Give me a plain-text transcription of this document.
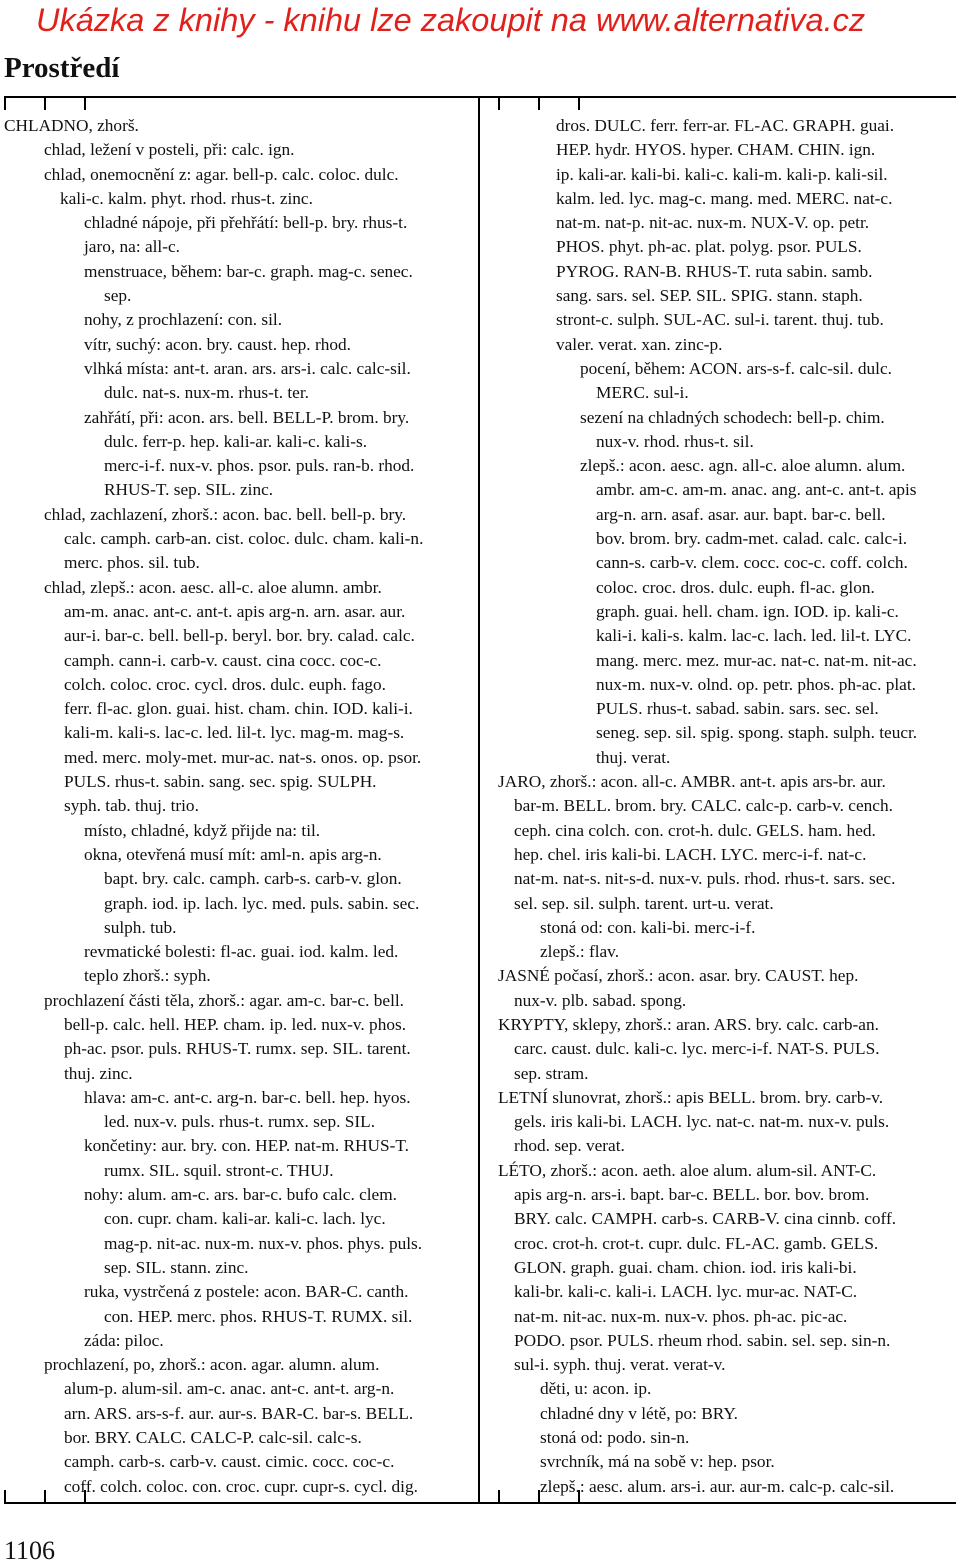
Ukázka z knihy - knihu lze zakoupit na www.alternativa.cz
Prostředí

CHLADNO, zhorš.

chlad, ležení v posteli, při: calc. ign.

chlad, onemocnění z: agar. bell-p. calc. coloc. dulc.

kali-c. kalm. phyt. rhod. rhus-t. zinc.

chladné nápoje, při přehřátí: bell-p. bry. rhus-t.

jaro, na: all-c.

menstruace, během: bar-c. graph. mag-c. senec.

sep.

nohy, z prochlazení: con. sil.

vítr, suchý: acon. bry. caust. hep. rhod.

vlhká místa: ant-t. aran. ars. ars-i. calc. calc-sil.

dulc. nat-s. nux-m. rhus-t. ter.

zahřátí, při: acon. ars. bell. BELL-P. brom. bry.

dulc. ferr-p. hep. kali-ar. kali-c. kali-s.

merc-i-f. nux-v. phos. psor. puls. ran-b. rhod.

RHUS-T. sep. SIL. zinc.

chlad, zachlazení, zhorš.: acon. bac. bell. bell-p. bry.

calc. camph. carb-an. cist. coloc. dulc. cham. kali-n.

merc. phos. sil. tub.

chlad, zlepš.: acon. aesc. all-c. aloe alumn. ambr.

am-m. anac. ant-c. ant-t. apis arg-n. arn. asar. aur.

aur-i. bar-c. bell. bell-p. beryl. bor. bry. calad. calc.

camph. cann-i. carb-v. caust. cina cocc. coc-c.

colch. coloc. croc. cycl. dros. dulc. euph. fago.

ferr. fl-ac. glon. guai. hist. cham. chin. IOD. kali-i.

kali-m. kali-s. lac-c. led. lil-t. lyc. mag-m. mag-s.

med. merc. moly-met. mur-ac. nat-s. onos. op. psor.

PULS. rhus-t. sabin. sang. sec. spig. SULPH.

syph. tab. thuj. trio.

místo, chladné, když přijde na: til.

okna, otevřená musí mít: aml-n. apis arg-n.

bapt. bry. calc. camph. carb-s. carb-v. glon.

graph. iod. ip. lach. lyc. med. puls. sabin. sec.

sulph. tub.

revmatické bolesti: fl-ac. guai. iod. kalm. led.

teplo zhorš.: syph.

prochlazení části těla, zhorš.: agar. am-c. bar-c. bell.

bell-p. calc. hell. HEP. cham. ip. led. nux-v. phos.

ph-ac. psor. puls. RHUS-T. rumx. sep. SIL. tarent.

thuj. zinc.

hlava: am-c. ant-c. arg-n. bar-c. bell. hep. hyos.

led. nux-v. puls. rhus-t. rumx. sep. SIL.

končetiny: aur. bry. con. HEP. nat-m. RHUS-T.

rumx. SIL. squil. stront-c. THUJ.

nohy: alum. am-c. ars. bar-c. bufo calc. clem.

con. cupr. cham. kali-ar. kali-c. lach. lyc.

mag-p. nit-ac. nux-m. nux-v. phos. phys. puls.

sep. SIL. stann. zinc.

ruka, vystrčená z postele: acon. BAR-C. canth.

con. HEP. merc. phos. RHUS-T. RUMX. sil.

záda: piloc.

prochlazení, po, zhorš.: acon. agar. alumn. alum.

alum-p. alum-sil. am-c. anac. ant-c. ant-t. arg-n.

arn. ARS. ars-s-f. aur. aur-s. BAR-C. bar-s. BELL.

bor. BRY. CALC. CALC-P. calc-sil. calc-s.

camph. carb-s. carb-v. caust. cimic. cocc. coc-c.

coff. colch. coloc. con. croc. cupr. cupr-s. cycl. dig.

dros. DULC. ferr. ferr-ar. FL-AC. GRAPH. guai.

HEP. hydr. HYOS. hyper. CHAM. CHIN. ign.

ip. kali-ar. kali-bi. kali-c. kali-m. kali-p. kali-sil.

kalm. led. lyc. mag-c. mang. med. MERC. nat-c.

nat-m. nat-p. nit-ac. nux-m. NUX-V. op. petr.

PHOS. phyt. ph-ac. plat. polyg. psor. PULS.

PYROG. RAN-B. RHUS-T. ruta sabin. samb.

sang. sars. sel. SEP. SIL. SPIG. stann. staph.

stront-c. sulph. SUL-AC. sul-i. tarent. thuj. tub.

valer. verat. xan. zinc-p.

pocení, během: ACON. ars-s-f. calc-sil. dulc.

MERC. sul-i.

sezení na chladných schodech: bell-p. chim.

nux-v. rhod. rhus-t. sil.

zlepš.: acon. aesc. agn. all-c. aloe alumn. alum.

ambr. am-c. am-m. anac. ang. ant-c. ant-t. apis

arg-n. arn. asaf. asar. aur. bapt. bar-c. bell.

bov. brom. bry. cadm-met. calad. calc. calc-i.

cann-s. carb-v. clem. cocc. coc-c. coff. colch.

coloc. croc. dros. dulc. euph. fl-ac. glon.

graph. guai. hell. cham. ign. IOD. ip. kali-c.

kali-i. kali-s. kalm. lac-c. lach. led. lil-t. LYC.

mang. merc. mez. mur-ac. nat-c. nat-m. nit-ac.

nux-m. nux-v. olnd. op. petr. phos. ph-ac. plat.

PULS. rhus-t. sabad. sabin. sars. sec. sel.

seneg. sep. sil. spig. spong. staph. sulph. teucr.

thuj. verat.

JARO, zhorš.: acon. all-c. AMBR. ant-t. apis ars-br. aur.

bar-m. BELL. brom. bry. CALC. calc-p. carb-v. cench.

ceph. cina colch. con. crot-h. dulc. GELS. ham. hed.

hep. chel. iris kali-bi. LACH. LYC. merc-i-f. nat-c.

nat-m. nat-s. nit-s-d. nux-v. puls. rhod. rhus-t. sars. sec.

sel. sep. sil. sulph. tarent. urt-u. verat.

stoná od: con. kali-bi. merc-i-f.

zlepš.: flav.

JASNÉ počasí, zhorš.: acon. asar. bry. CAUST. hep.

nux-v. plb. sabad. spong.

KRYPTY, sklepy, zhorš.: aran. ARS. bry. calc. carb-an.

carc. caust. dulc. kali-c. lyc. merc-i-f. NAT-S. PULS.

sep. stram.

LETNÍ slunovrat, zhorš.: apis BELL. brom. bry. carb-v.

gels. iris kali-bi. LACH. lyc. nat-c. nat-m. nux-v. puls.

rhod. sep. verat.

LÉTO, zhorš.: acon. aeth. aloe alum. alum-sil. ANT-C.

apis arg-n. ars-i. bapt. bar-c. BELL. bor. bov. brom.

BRY. calc. CAMPH. carb-s. CARB-V. cina cinnb. coff.

croc. crot-h. crot-t. cupr. dulc. FL-AC. gamb. GELS.

GLON. graph. guai. cham. chion. iod. iris kali-bi.

kali-br. kali-c. kali-i. LACH. lyc. mur-ac. NAT-C.

nat-m. nit-ac. nux-m. nux-v. phos. ph-ac. pic-ac.

PODO. psor. PULS. rheum rhod. sabin. sel. sep. sin-n.

sul-i. syph. thuj. verat. verat-v.

děti, u: acon. ip.

chladné dny v létě, po: BRY.

stoná od: podo. sin-n.

svrchník, má na sobě v: hep. psor.

zlepš.: aesc. alum. ars-i. aur. aur-m. calc-p. calc-sil.

1106
